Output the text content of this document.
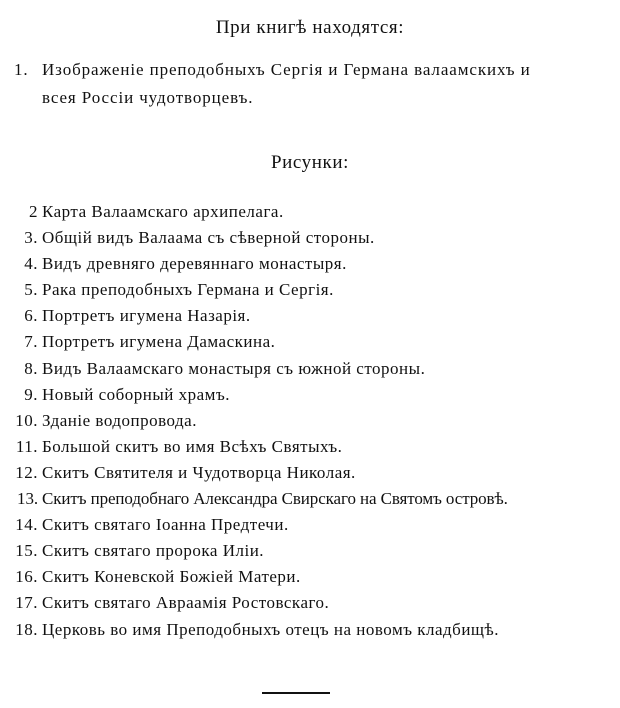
При книгѣ находятся:
1. Изображенiе преподобныхъ Сергiя и Германа валаамскихъ и
всея Россiи чудотворцевъ.
Рисунки:
2 Карта Валаамскаго архипелага.
3. Общiй видъ Валаама съ сѣверной стороны.
4. Видъ древняго деревяннаго монастыря.
5. Рака преподобныхъ Германа и Сергiя.
6. Портретъ игумена Назарiя.
7. Портретъ игумена Дамаскина.
8. Видъ Валаамскаго монастыря съ южной стороны.
9. Новый соборный храмъ.
10. Зданiе водопровода.
11. Большой скитъ во имя Всѣхъ Святыхъ.
12. Скитъ Святителя и Чудотворца Николая.
13. Скитъ преподобнаго Александра Свирскаго на Святомъ островѣ.
14. Скитъ святаго Iоанна Предтечи.
15. Скитъ святаго пророка Илiи.
16. Скитъ Коневской Божiей Матери.
17. Скитъ святаго Авраамiя Ростовскаго.
18. Церковь во имя Преподобныхъ отецъ на новомъ кладбищѣ.
